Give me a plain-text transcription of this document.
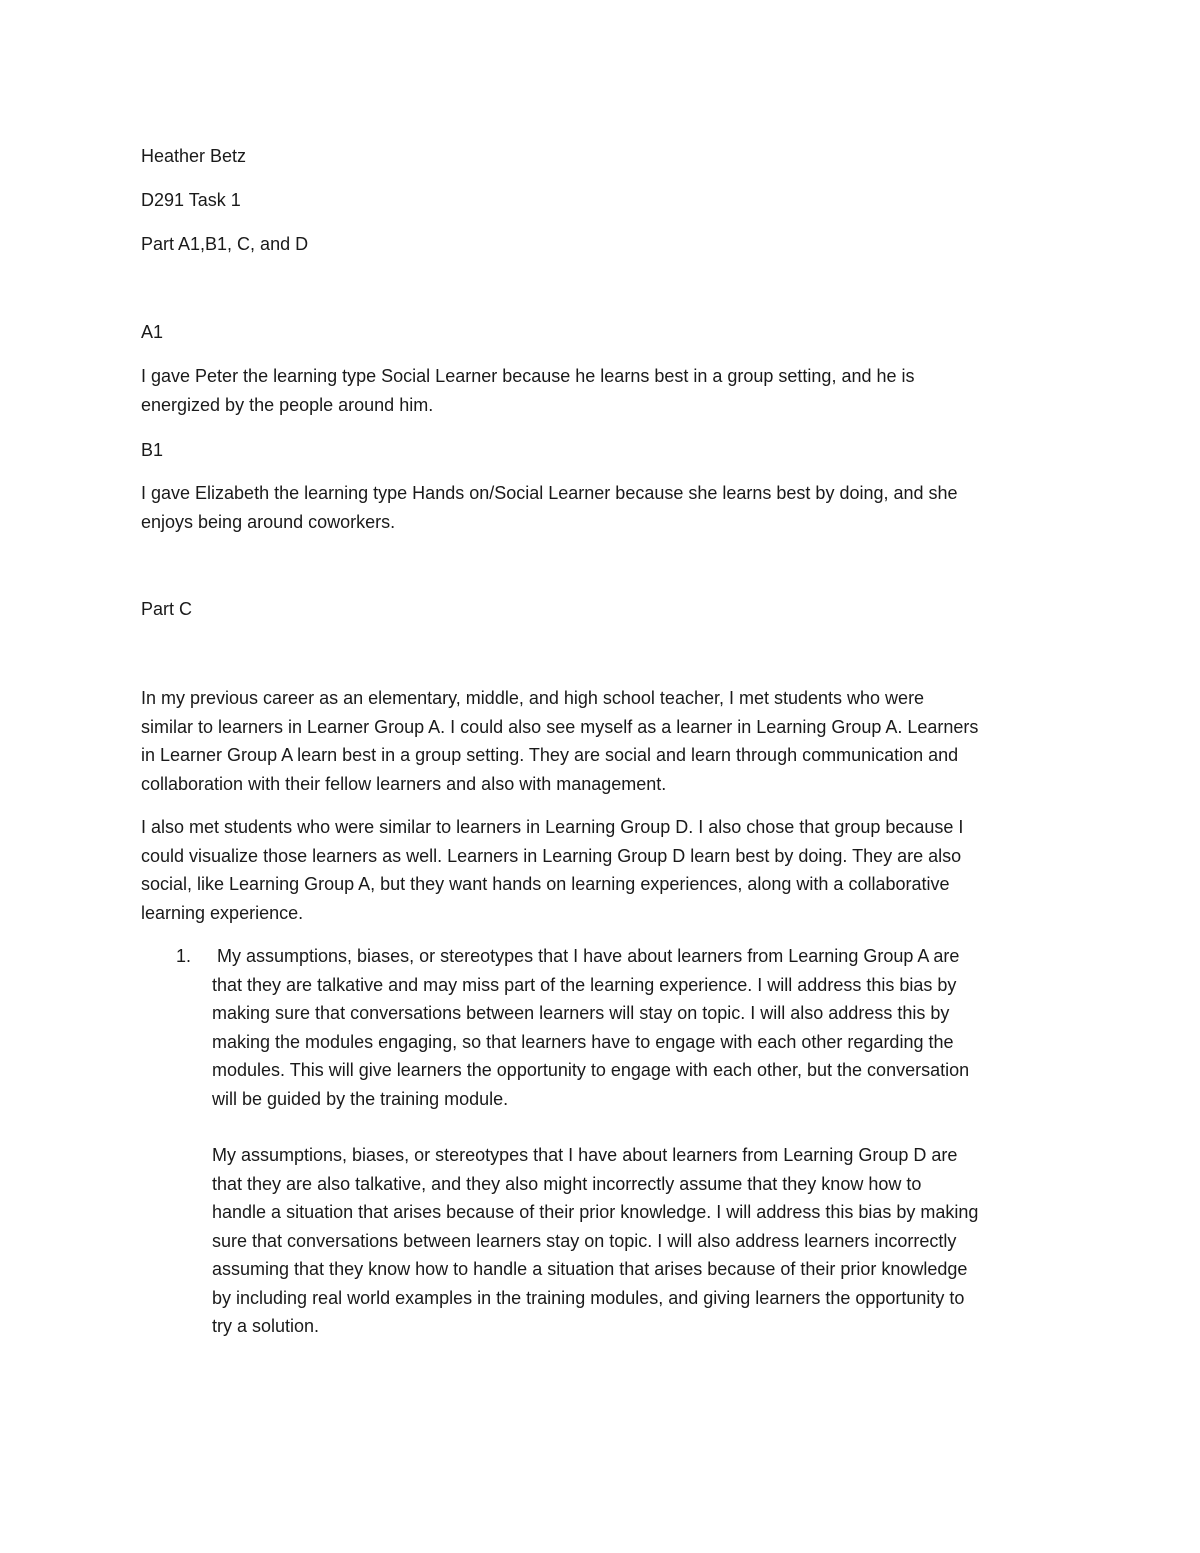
Heather Betz
D291 Task 1
Part A1,B1, C, and D
A1
I gave Peter the learning type Social Learner because he learns best in a group setting, and he is
energized by the people around him.
B1
I gave Elizabeth the learning type Hands on/Social Learner because she learns best by doing, and she
enjoys being around coworkers.
Part C
In my previous career as an elementary, middle, and high school teacher, I met students who were
similar to learners in Learner Group A. I could also see myself as a learner in Learning Group A. Learners
in Learner Group A learn best in a group setting. They are social and learn through communication and
collaboration with their fellow learners and also with management.
I also met students who were similar to learners in Learning Group D. I also chose that group because I
could visualize those learners as well. Learners in Learning Group D learn best by doing. They are also
social, like Learning Group A, but they want hands on learning experiences, along with a collaborative
learning experience.
1. My assumptions, biases, or stereotypes that I have about learners from Learning Group A are
that they are talkative and may miss part of the learning experience. I will address this bias by
making sure that conversations between learners will stay on topic. I will also address this by
making the modules engaging, so that learners have to engage with each other regarding the
modules. This will give learners the opportunity to engage with each other, but the conversation
will be guided by the training module.
My assumptions, biases, or stereotypes that I have about learners from Learning Group D are
that they are also talkative, and they also might incorrectly assume that they know how to
handle a situation that arises because of their prior knowledge. I will address this bias by making
sure that conversations between learners stay on topic. I will also address learners incorrectly
assuming that they know how to handle a situation that arises because of their prior knowledge
by including real world examples in the training modules, and giving learners the opportunity to
try a solution.
